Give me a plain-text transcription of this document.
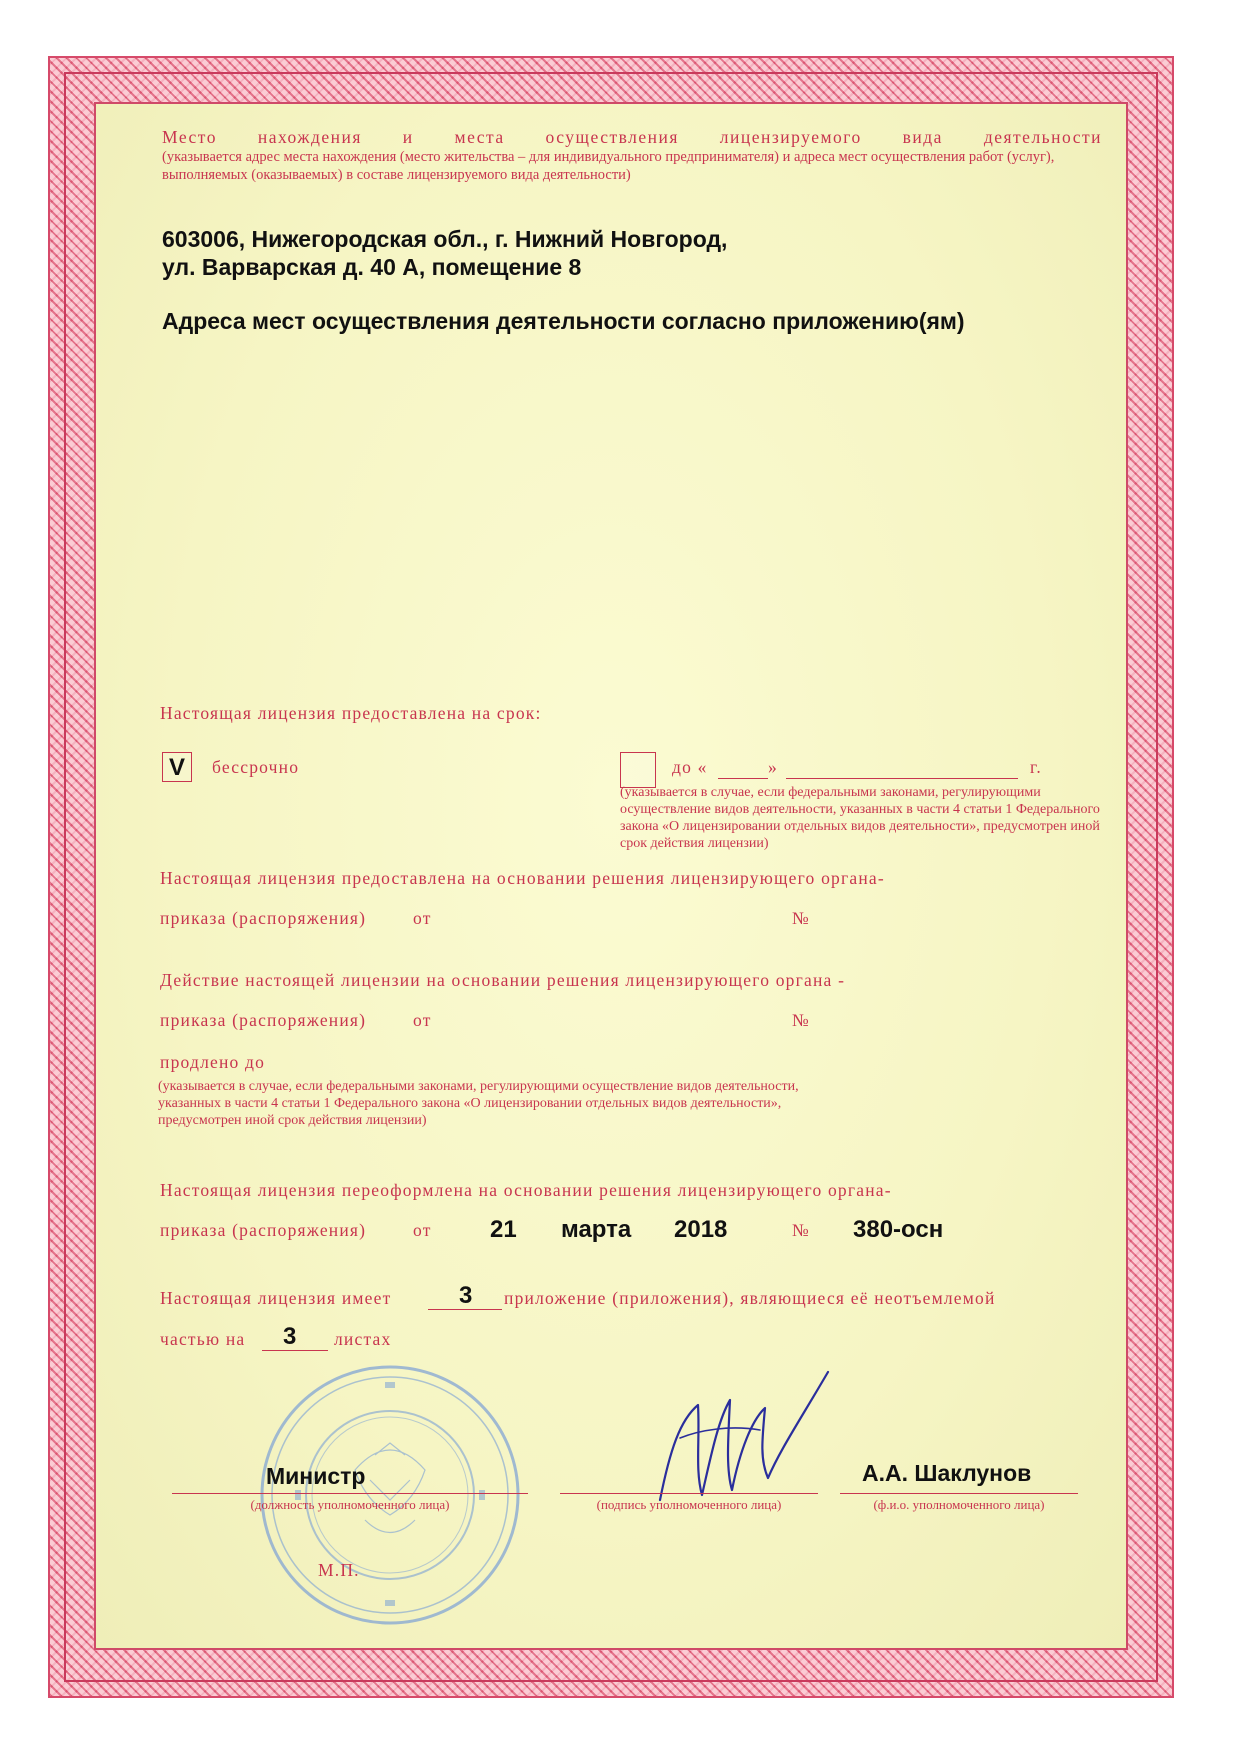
Место нахождения и места осуществления лицензируемого вида деятельности
(указывается адрес места нахождения (место жительства – для индивидуального предпринимателя) и адреса мест осуществления работ (услуг), выполняемых (оказываемых) в составе лицензируемого вида деятельности)
603006, Нижегородская обл., г. Нижний Новгород,
ул. Варварская д. 40 А, помещение 8
Адреса мест осуществления деятельности согласно приложению(ям)
Настоящая лицензия предоставлена на срок:
V	бессрочно	до «	»	г.
(указывается в случае, если федеральными законами, регулирующими осуществление видов деятельности, указанных в части 4 статьи 1 Федерального закона «О лицензировании отдельных видов деятельности», предусмотрен иной срок действия лицензии)
Настоящая лицензия предоставлена на основании решения лицензирующего органа-
приказа (распоряжения)	от	№
Действие настоящей лицензии на основании решения лицензирующего органа -
приказа (распоряжения)	от	№
продлено до
(указывается в случае, если федеральными законами, регулирующими осуществление видов деятельности, указанных в части 4 статьи 1 Федерального закона «О лицензировании отдельных видов деятельности», предусмотрен иной срок действия лицензии)
Настоящая лицензия переоформлена на основании решения лицензирующего органа-
приказа (распоряжения)	от 21 марта 2018	№ 380-осн
Настоящая лицензия имеет	3 приложение (приложения), являющиеся её неотъемлемой
частью на 3 листах
Министр
(должность уполномоченного лица)	(подпись уполномоченного лица)
А.А. Шаклунов
(ф.и.о. уполномоченного лица)
М.П.
